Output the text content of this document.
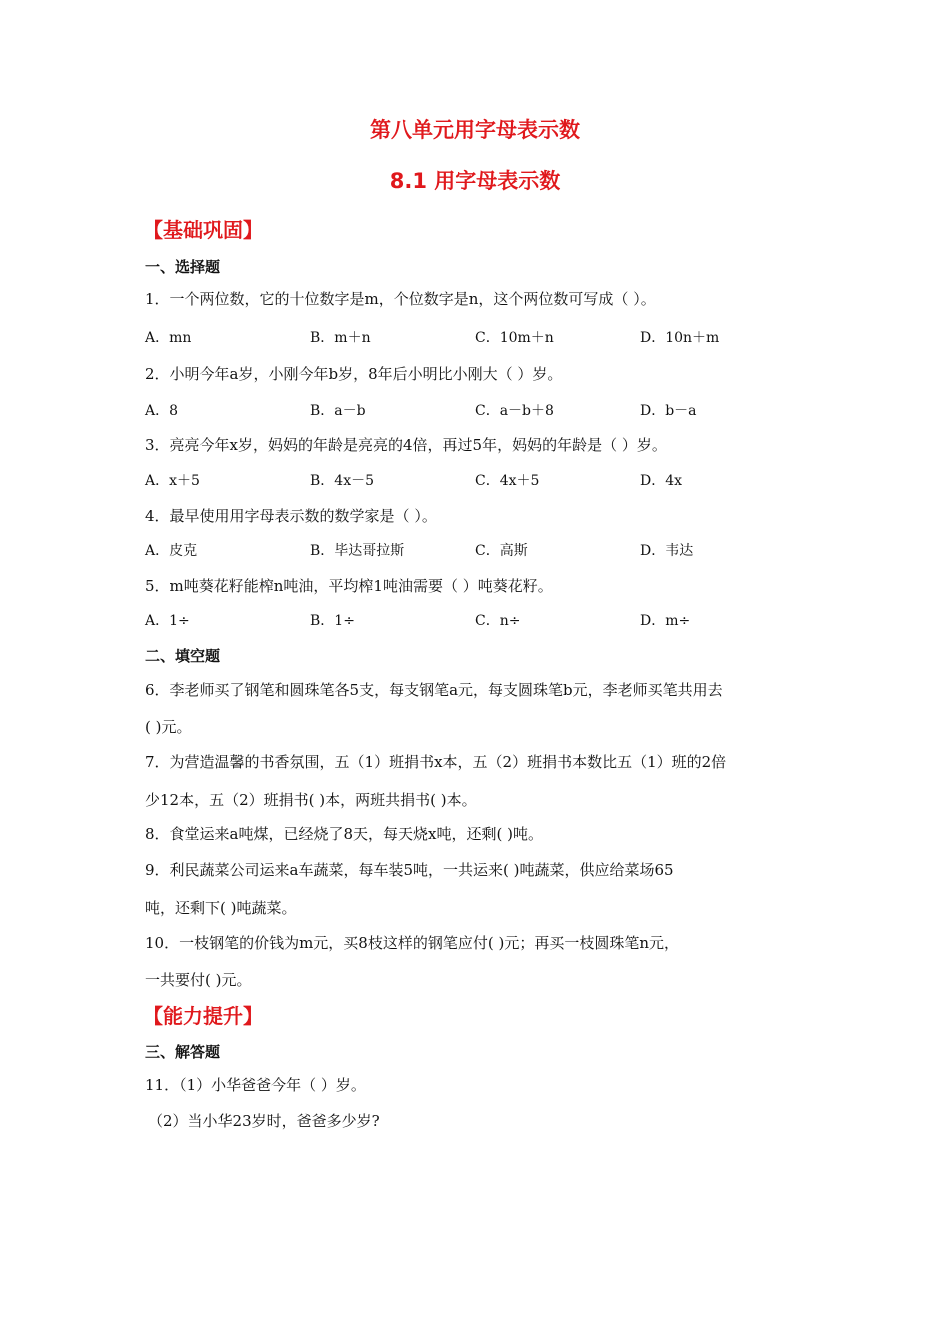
第八单元用字母表示数
8.1 用字母表示数
【基础巩固】
一、选择题
1．一个两位数，它的十位数字是m，个位数字是n，这个两位数可写成（ ）。
A．mn	B．m＋n	C．10m＋n	D．10n＋m
2．小明今年a岁，小刚今年b岁，8年后小明比小刚大（ ）岁。
A．8	B．a－b	C．a－b＋8	D．b－a
3．亮亮今年x岁，妈妈的年龄是亮亮的4倍，再过5年，妈妈的年龄是（ ）岁。
A．x＋5	B．4x－5	C．4x＋5	D．4x
4．最早使用用字母表示数的数学家是（ ）。
A．皮克	B．毕达哥拉斯	C．高斯	D．韦达
5．m吨葵花籽能榨n吨油，平均榨1吨油需要（ ）吨葵花籽。
A．1÷	B．1÷	C．n÷	D．m÷
二、填空题
6．李老师买了钢笔和圆珠笔各5支，每支钢笔a元，每支圆珠笔b元，李老师买笔共用去
( )元。
7．为营造温馨的书香氛围，五（1）班捐书x本，五（2）班捐书本数比五（1）班的2倍
少12本，五（2）班捐书( )本，两班共捐书( )本。
8．食堂运来a吨煤，已经烧了8天，每天烧x吨，还剩( )吨。
9．利民蔬菜公司运来a车蔬菜，每车装5吨，一共运来( )吨蔬菜，供应给菜场65
吨，还剩下( )吨蔬菜。
10．一枝钢笔的价钱为m元，买8枝这样的钢笔应付( )元；再买一枝圆珠笔n元，
一共要付( )元。
【能力提升】
三、解答题
11．（1）小华爸爸今年（ ）岁。
（2）当小华23岁时，爸爸多少岁?
